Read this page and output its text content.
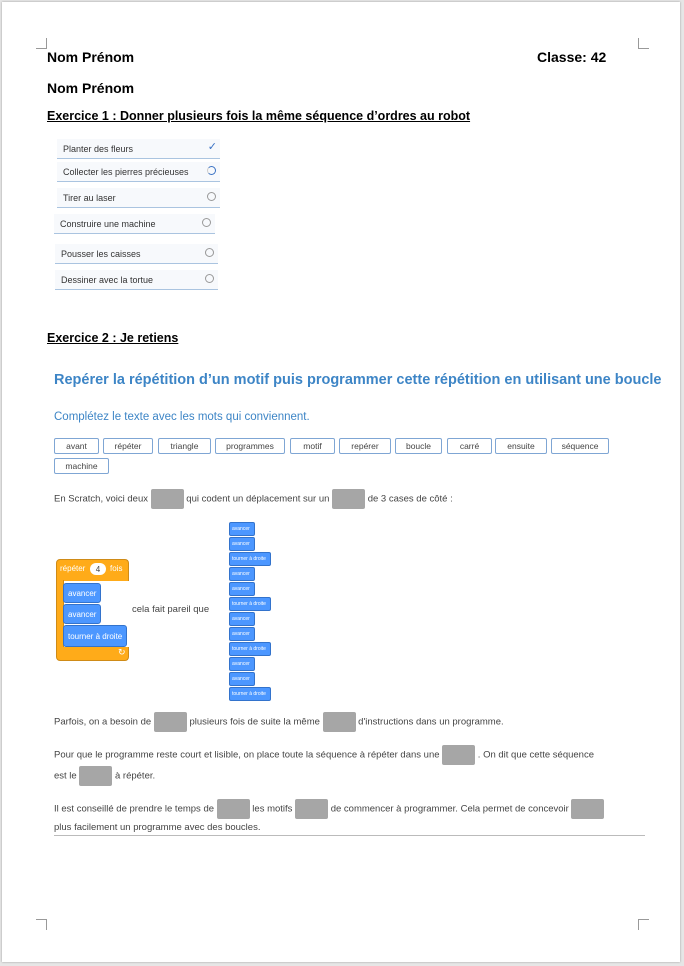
Nom Prénom	Classe: 42
Nom Prénom
Exercice 1 : Donner plusieurs fois la même séquence d’ordres au robot
Planter des fleurs	✓
Collecter les pierres précieuses
Tirer au laser
Construire une machine
Pousser les caisses
Dessiner avec la tortue
Exercice 2 : Je retiens
Repérer la répétition d’un motif puis programmer cette répétition en utilisant une boucle
Complétez le texte avec les mots qui conviennent.
avant	répéter	triangle	programmes	motif	repérer	boucle	carré	ensuite	séquence
machine
En Scratch, voici deux	qui codent un déplacement sur un	de 3 cases de côté :
répéter	4	fois
↻
avancer
avancer
tourner à droite
cela fait pareil que
avancer
avancer
tourner à droite
avancer
avancer
tourner à droite
avancer
avancer
tourner à droite
avancer
avancer
tourner à droite
Parfois, on a besoin de	plusieurs fois de suite la même	d'instructions dans un programme.
Pour que le programme reste court et lisible, on place toute la séquence à répéter dans une	. On dit que cette séquence
est le	à répéter.
Il est conseillé de prendre le temps de	les motifs	de commencer à programmer. Cela permet de concevoir
plus facilement un programme avec des boucles.
